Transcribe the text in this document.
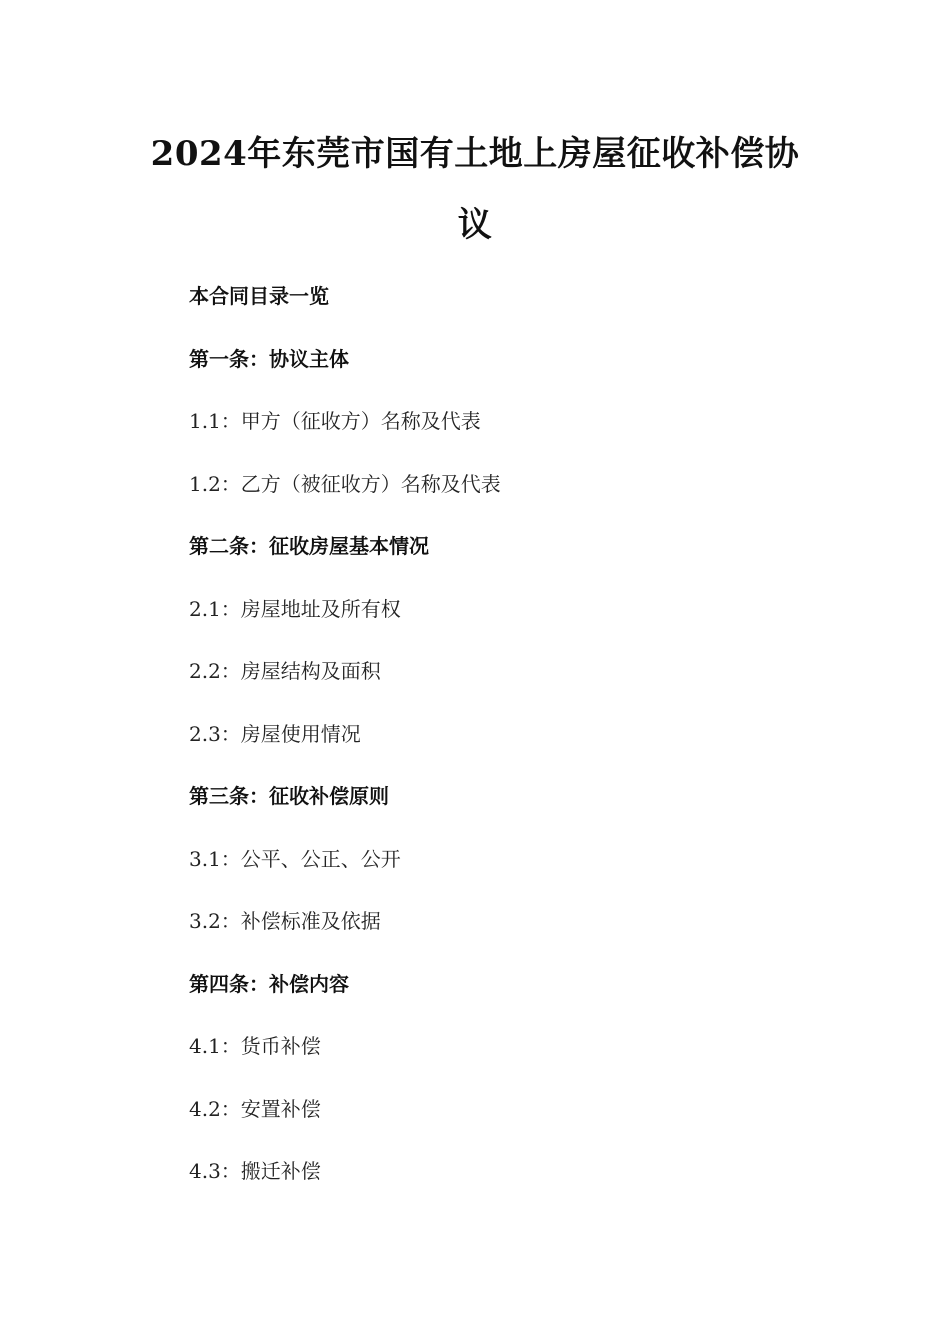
2024年东莞市国有土地上房屋征收补偿协
议
本合同目录一览
第一条：协议主体
1.1：甲方（征收方）名称及代表
1.2：乙方（被征收方）名称及代表
第二条：征收房屋基本情况
2.1：房屋地址及所有权
2.2：房屋结构及面积
2.3：房屋使用情况
第三条：征收补偿原则
3.1：公平、公正、公开
3.2：补偿标准及依据
第四条：补偿内容
4.1：货币补偿
4.2：安置补偿
4.3：搬迁补偿
